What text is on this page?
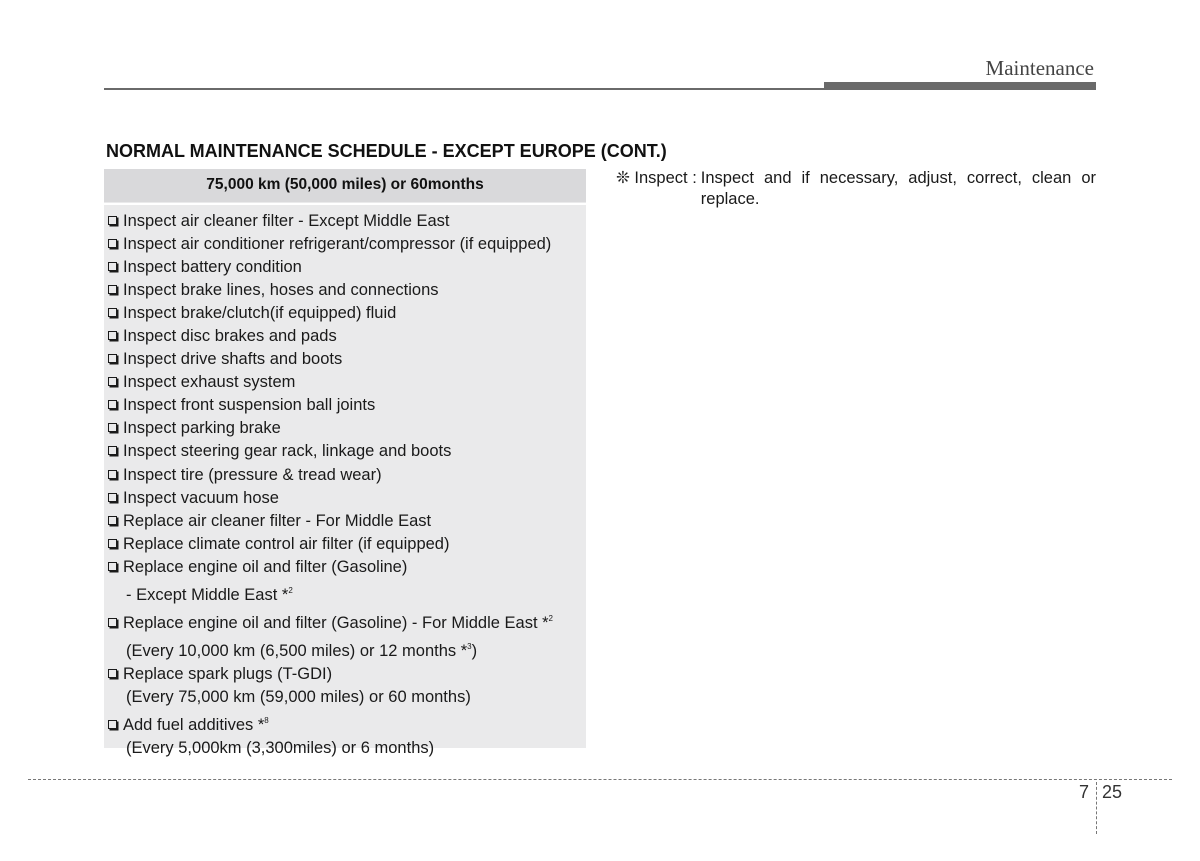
Maintenance
NORMAL MAINTENANCE SCHEDULE - EXCEPT EUROPE (CONT.)
75,000 km (50,000 miles) or 60months
Inspect air cleaner filter - Except Middle East
Inspect air conditioner refrigerant/compressor (if equipped)
Inspect battery condition
Inspect brake lines, hoses and connections
Inspect brake/clutch(if equipped) fluid
Inspect disc brakes and pads
Inspect drive shafts and boots
Inspect exhaust system
Inspect front suspension ball joints
Inspect parking brake
Inspect steering gear rack, linkage and boots
Inspect tire (pressure & tread wear)
Inspect vacuum hose
Replace air cleaner filter - For Middle East
Replace climate control air filter (if equipped)
Replace engine oil and filter (Gasoline)
- Except Middle East *$^2$
Replace engine oil and filter (Gasoline) - For Middle East *$^2$
(Every 10,000 km (6,500 miles) or 12 months *$^3$)
Replace spark plugs (T-GDI)
(Every 75,000 km (59,000 miles) or 60 months)
Add fuel additives *$^8$
(Every 5,000km (3,300miles) or 6 months)
❊ Inspect : Inspect and if necessary, adjust, correct, clean or replace.
7 25
